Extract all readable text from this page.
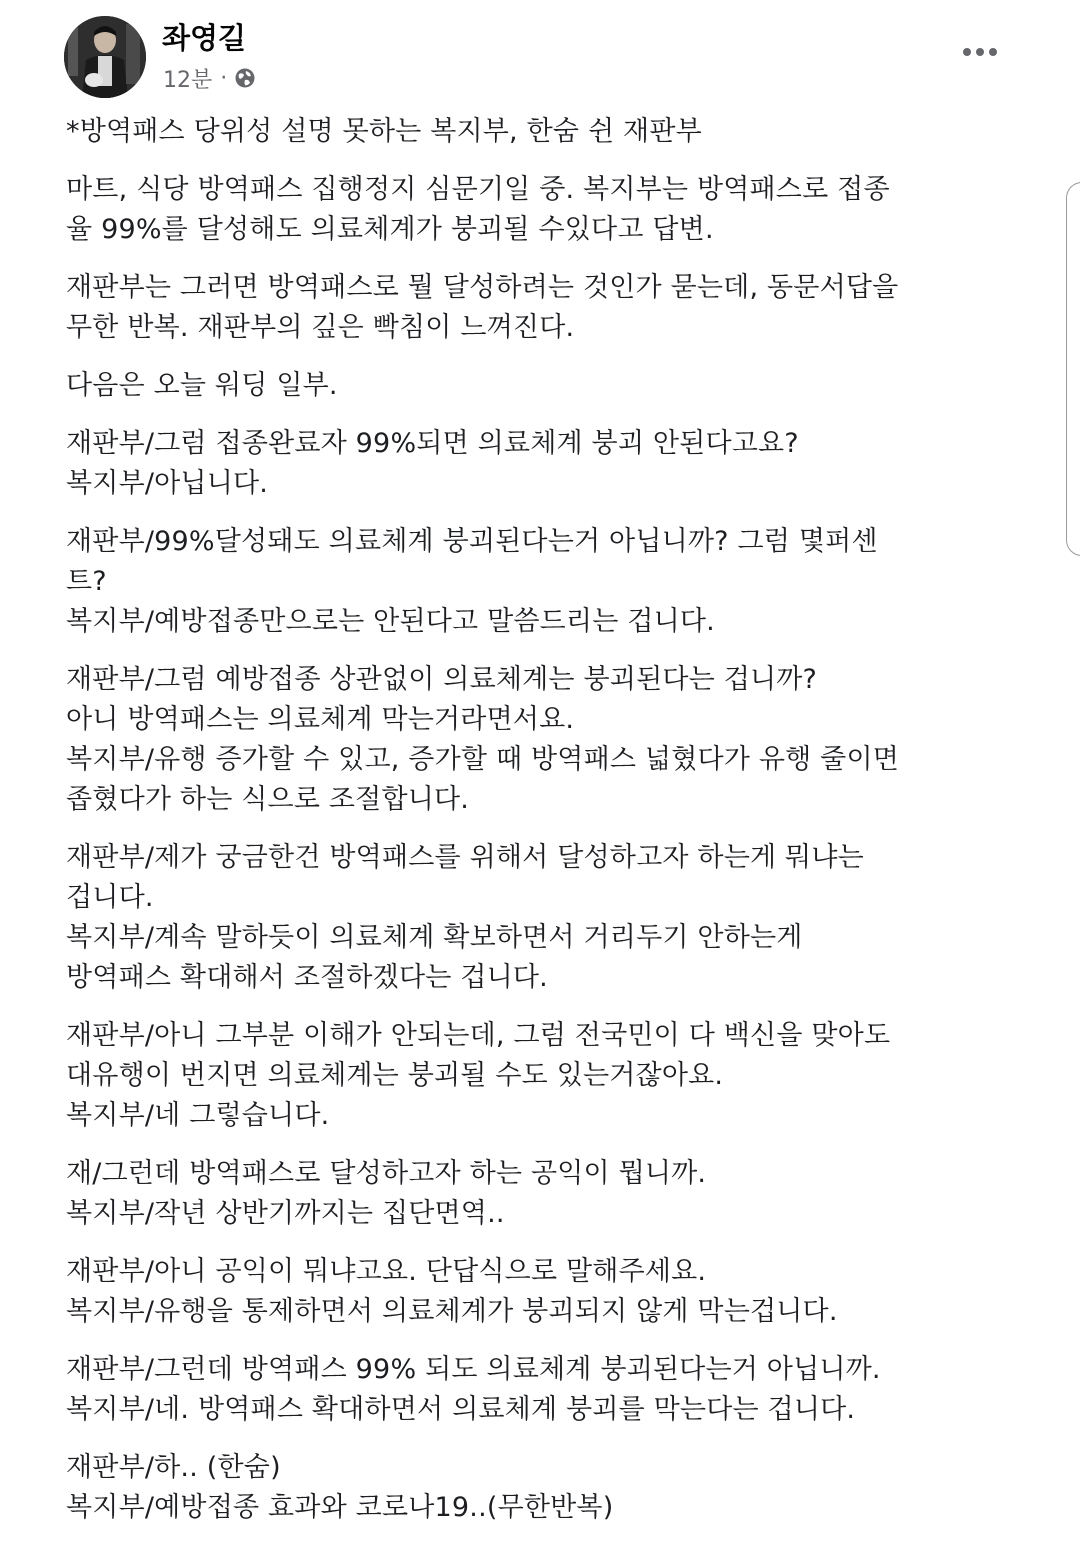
좌영길
12분 ·
*방역패스 당위성 설명 못하는 복지부, 한숨 쉰 재판부
마트, 식당 방역패스 집행정지 심문기일 중. 복지부는 방역패스로 접종
율 99%를 달성해도 의료체계가 붕괴될 수있다고 답변.
재판부는 그러면 방역패스로 뭘 달성하려는 것인가 묻는데, 동문서답을
무한 반복. 재판부의 깊은 빡침이 느껴진다.
다음은 오늘 워딩 일부.
재판부/그럼 접종완료자 99%되면 의료체계 붕괴 안된다고요?
복지부/아닙니다.
재판부/99%달성돼도 의료체계 붕괴된다는거 아닙니까? 그럼 몇퍼센
트?
복지부/예방접종만으로는 안된다고 말씀드리는 겁니다.
재판부/그럼 예방접종 상관없이 의료체계는 붕괴된다는 겁니까?
아니 방역패스는 의료체계 막는거라면서요.
복지부/유행 증가할 수 있고, 증가할 때 방역패스 넓혔다가 유행 줄이면
좁혔다가 하는 식으로 조절합니다.
재판부/제가 궁금한건 방역패스를 위해서 달성하고자 하는게 뭐냐는
겁니다.
복지부/계속 말하듯이 의료체계 확보하면서 거리두기 안하는게
방역패스 확대해서 조절하겠다는 겁니다.
재판부/아니 그부분 이해가 안되는데, 그럼 전국민이 다 백신을 맞아도
대유행이 번지면 의료체계는 붕괴될 수도 있는거잖아요.
복지부/네 그렇습니다.
재/그런데 방역패스로 달성하고자 하는 공익이 뭡니까.
복지부/작년 상반기까지는 집단면역..
재판부/아니 공익이 뭐냐고요. 단답식으로 말해주세요.
복지부/유행을 통제하면서 의료체계가 붕괴되지 않게 막는겁니다.
재판부/그런데 방역패스 99% 되도 의료체계 붕괴된다는거 아닙니까.
복지부/네. 방역패스 확대하면서 의료체계 붕괴를 막는다는 겁니다.
재판부/하.. (한숨)
복지부/예방접종 효과와 코로나19..(무한반복)
